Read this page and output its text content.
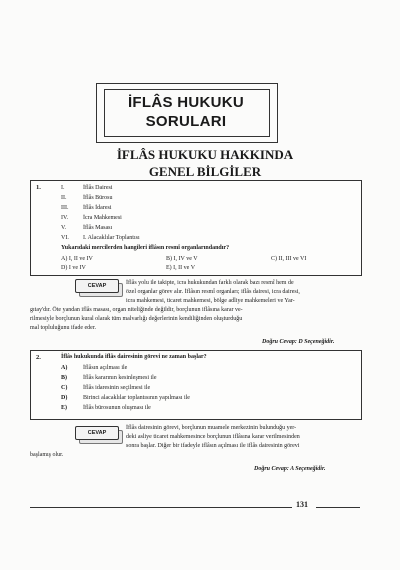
İFLÂS HUKUKU
SORULARI
İFLÂS HUKUKU HAKKINDA
GENEL BİLGİLER
1.	I.	İflâs Dairesi
II.	İflâs Bürosu
III. İflâs İdaresi
IV. İcra Mahkemesi
V.	İflâs Masası
VI. I. Alacaklılar Toplantısı
Yukarıdaki mercilerden hangileri iflâsın resmî organlarındandır?
A) I, II ve IV	B) I, IV ve V	C) II, III ve VI
D) I ve IV	E) I, II ve V
CEVAP	İflâs yolu ile takipte, icra hukukundan farklı olarak bazı resmî hem de
özel organlar görev alır. İflâsın resmî organları; iflâs dairesi, icra dairesi,
icra mahkemesi, ticaret mahkemesi, bölge adliye mahkemeleri ve Yar-
gıtay'dır. Öte yandan iflâs masası, organ niteliğinde değildir, borçlunun iflâsına karar ve-
rilmesiyle borçlunun kural olarak tüm malvarlığı değerlerinin kendiliğinden oluşturduğu
mal topluluğunu ifade eder.
Doğru Cevap: D Seçeneğidir.
2.	İflâs hukukunda iflâs dairesinin görevi ne zaman başlar?
A)	İflâsın açılması ile
B)	İflâs kararının kesinleşmesi ile
C)	İflâs idaresinin seçilmesi ile
D)	Birinci alacaklılar toplantısının yapılması ile
E)	İflâs bürosunun oluşması ile
CEVAP
İflâs dairesinin görevi, borçlunun muamele merkezinin bulunduğu yer-
deki asliye ticaret mahkemesince borçlunun iflâsına karar verilmesinden
sonra başlar. Diğer bir ifadeyle iflâsın açılması ile iflâs dairesinin görevi
başlamış olur.
Doğru Cevap: A Seçeneğidir.
131
